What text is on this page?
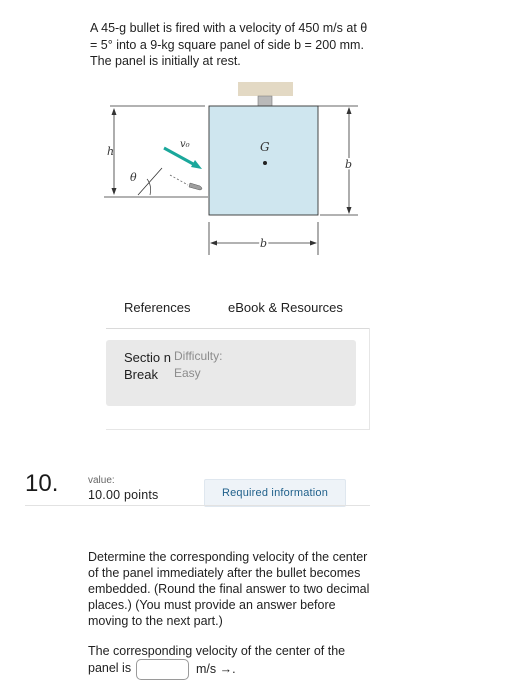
A 45-g bullet is fired with a velocity of 450 m/s at θ = 5° into a 9-kg square panel of side b = 200 mm. The panel is initially at rest.
h
θ
v₀	G
b
b
References	eBook & Resources
Sectio n Break
Difficulty:
Easy
10.	value:
10.00 points	Required information
Determine the corresponding velocity of the center of the panel immediately after the bullet becomes embedded. (Round the final answer to two decimal places.) (You must provide an answer before moving to the next part.)
The corresponding velocity of the center of the panel is	m/s →.
